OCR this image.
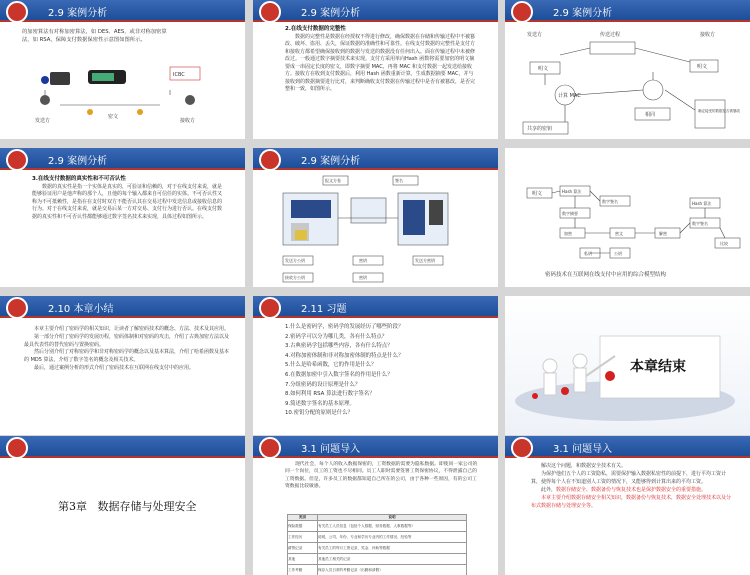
2.9 案例分析
的加密算法有对称加密算法，如 DES、AES，或非对称加密算
法，如 RSA，保障支付数据保密性示意图如图所示。
ICBC
发送方
密文
接收方
2.9 案例分析
2.在线支付数据的完整性
数据的完整性是数据在经授权不得进行修改，确保数据在存储和传输过程中不被篡改、破坏、盗用、丢失，保证数据的准确性和可靠性。在线支付数据的完整性是支付方和接收方都希望确保接收到的数据与发送的数据没有任何出入。面在传输过程中未被修改过。一般通过数字摘要技术来实现。支付方采用单向Hash 函数将需要加密的明文摘要成一串固定长度的密文，即数字摘要 MAC，再将 MAC 和支付数据一起发送给接收方。接收方在收到支付数据后，利用 Hash 函数重新计算，生成数据摘要 MAC，并与接收到的数据摘要进行比对，来判断确收支付数据在传输过程中是否有被篡改，是否完整和一致，如图所示。
2.9 案例分析
发送方	传送过程	接收方
明文	明文
计算 MAC
共享的密钥
相同
确定接受的数据是否被篡改
2.9 案例分析
3.在线支付数据的真实性和不可否认性
数据的真实性是指一个实体是真实的，可验证和信赖的，对于在线支付来说，就是能够验证用户是他声称的那个人，且他的每个输入都来自可信任的实体。不可否认性又称为不可抵赖性，是指在在支付时双方不能否认其在交易过程中发送信息或接收信息的行为。对于在线支付来说，就是交易后某一方对交易、支付行为进行否认。在线支付数据的真实性和不可否认性都能够通过数字签名技术来实现，具体过程如图所示。
2.9 案例分析
报文方卷	签名
发送方公钥	密钥	发送方密钥
接收方公钥	密钥
明文	Hash 算法
数字签名
数字摘要
加密	密文
私钥	公钥
解密
Hash 算法
数字签名
比较
密码技术在互联网在线支付中应用的综合模型结构
2.10 本章小结
本章主要介绍了密码学的相关知识，让读者了解密码技术的概念、方法、技术及其应用。
第一部分介绍了密码学的发展历程，密码体制和对密码的攻击，介绍了古典加密方法以及最具代表性的替代密码与置换密码。
然后分别介绍了对称密码学和非对称密码学的概念以及基本算法，介绍了哈希函数及基本的 MD5 算法，介绍了数字签名的概念及相关技术。
最后，通过案例分析的形式介绍了密码技术在互联网在线支付中的应用。
2.11 习题
1.什么是密码学，密码学的发展经历了哪些阶段？
2.密码学可以分为哪几类，各有什么特点？
3.古典密码学包括哪些内容，各有什么特点？
4.对称加密体制和非对称加密体制的特点是什么？
5.什么是哈希函数，它的作用是什么？
6.在数据加密中引入数字签名的作用是什么？
7.分组密码的设计原理是什么？
8.如何利用 RSA 算法进行数字签名？
9.简述数字签名的基本原理。
10.密钥分配的原则是什么？
本章结束
第3章   数据存储与处理安全
3.1 问题导入
现代社会，每个人的收入数据保密的，工资数据的需要为隐私数据。即使同一家公司的同一个岗位，员工的工资也不尽相同。员工人职时需要签署工资保密协议，不得泄露自己的工资数据。但是，许多员工的数据都知道自己所在的公司，由于各种一些原因，有的公司工资数据比较敏感。
类别	说明
保险数据	有关员工人员信息（包括个人数据、财务数据、人事数据等）
工作经历	说明，公司，年份，专业和学历专业内的工作情况、经验等
薪资记录	有关员工的每月工资记录、奖金、补助等数据
其他	其他员工相关的记录
工作考勤	保存人员日常的考勤记录（出勤和请假）
3.1 问题导入
解决这个问题，和数据安全技术有关。
为保护他们五个人的工资隐私，需要保护输入数据私密性的前提下，进行平均工资计算，使得每个人在不知道别人工资的情况下，又能够得到计算出来的平均工资。
此外，数据存储安全、数据备份与恢复技术也是保护数据安全的重要措施。
本章主要介绍数据存储安全相关知识，数据备份与恢复技术，数据安全处理技术以及分布式数据存储与处理安全等。
